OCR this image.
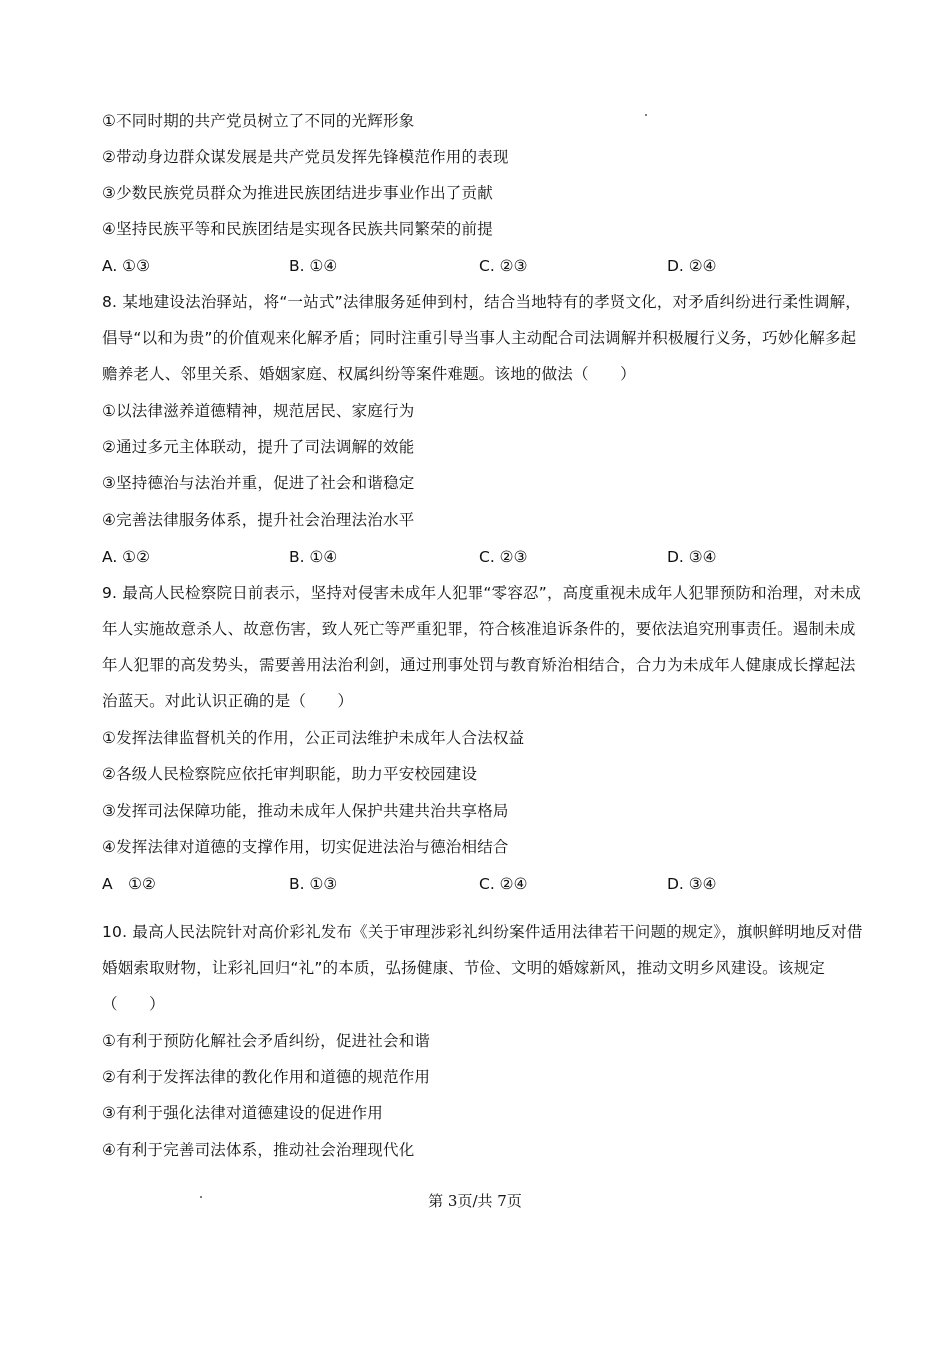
①不同时期的共产党员树立了不同的光辉形象
②带动身边群众谋发展是共产党员发挥先锋模范作用的表现
③少数民族党员群众为推进民族团结进步事业作出了贡献
④坚持民族平等和民族团结是实现各民族共同繁荣的前提
A. ①③	B. ①④	C. ②③	D. ②④
8. 某地建设法治驿站，将“一站式”法律服务延伸到村，结合当地特有的孝贤文化，对矛盾纠纷进行柔性调解，倡导“以和为贵”的价值观来化解矛盾；同时注重引导当事人主动配合司法调解并积极履行义务，巧妙化解多起赡养老人、邻里关系、婚姻家庭、权属纠纷等案件难题。该地的做法（　　）
①以法律滋养道德精神，规范居民、家庭行为
②通过多元主体联动，提升了司法调解的效能
③坚持德治与法治并重，促进了社会和谐稳定
④完善法律服务体系，提升社会治理法治水平
A. ①②	B. ①④	C. ②③	D. ③④
9. 最高人民检察院日前表示，坚持对侵害未成年人犯罪“零容忍”，高度重视未成年人犯罪预防和治理，对未成年人实施故意杀人、故意伤害，致人死亡等严重犯罪，符合核准追诉条件的，要依法追究刑事责任。遏制未成年人犯罪的高发势头，需要善用法治利剑，通过刑事处罚与教育矫治相结合，合力为未成年人健康成长撑起法治蓝天。对此认识正确的是（　　）
①发挥法律监督机关的作用，公正司法维护未成年人合法权益
②各级人民检察院应依托审判职能，助力平安校园建设
③发挥司法保障功能，推动未成年人保护共建共治共享格局
④发挥法律对道德的支撑作用，切实促进法治与德治相结合
A　①②	B. ①③	C. ②④	D. ③④
10. 最高人民法院针对高价彩礼发布《关于审理涉彩礼纠纷案件适用法律若干问题的规定》，旗帜鲜明地反对借婚姻索取财物，让彩礼回归“礼”的本质，弘扬健康、节俭、文明的婚嫁新风，推动文明乡风建设。该规定（　　）
①有利于预防化解社会矛盾纠纷，促进社会和谐
②有利于发挥法律的教化作用和道德的规范作用
③有利于强化法律对道德建设的促进作用
④有利于完善司法体系，推动社会治理现代化
第 3页/共 7页
